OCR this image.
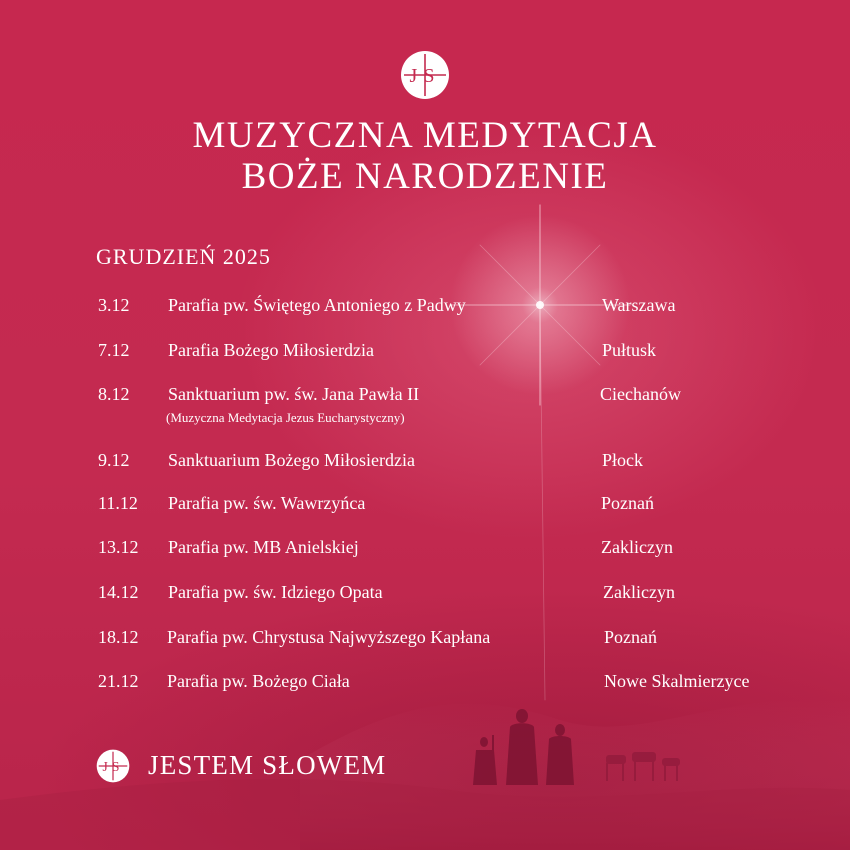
JS
MUZYCZNA MEDYTACJA
BOŻE NARODZENIE
GRUDZIEŃ 2025
3.12 Parafia pw. Świętego Antoniego z Padwy	Warszawa
7.12 Parafia Bożego Miłosierdzia	Pułtusk
8.12 Sanktuarium pw. św. Jana Pawła II	Ciechanów
(Muzyczna Medytacja Jezus Eucharystyczny)
9.12 Sanktuarium Bożego Miłosierdzia	Płock
11.12 Parafia pw. św. Wawrzyńca	Poznań
13.12 Parafia pw. MB Anielskiej	Zakliczyn
14.12 Parafia pw. św. Idziego Opata	Zakliczyn
18.12 Parafia pw. Chrystusa Najwyższego Kapłana	Poznań
21.12 Parafia pw. Bożego Ciała	Nowe Skalmierzyce
JS JESTEM SŁOWEM
